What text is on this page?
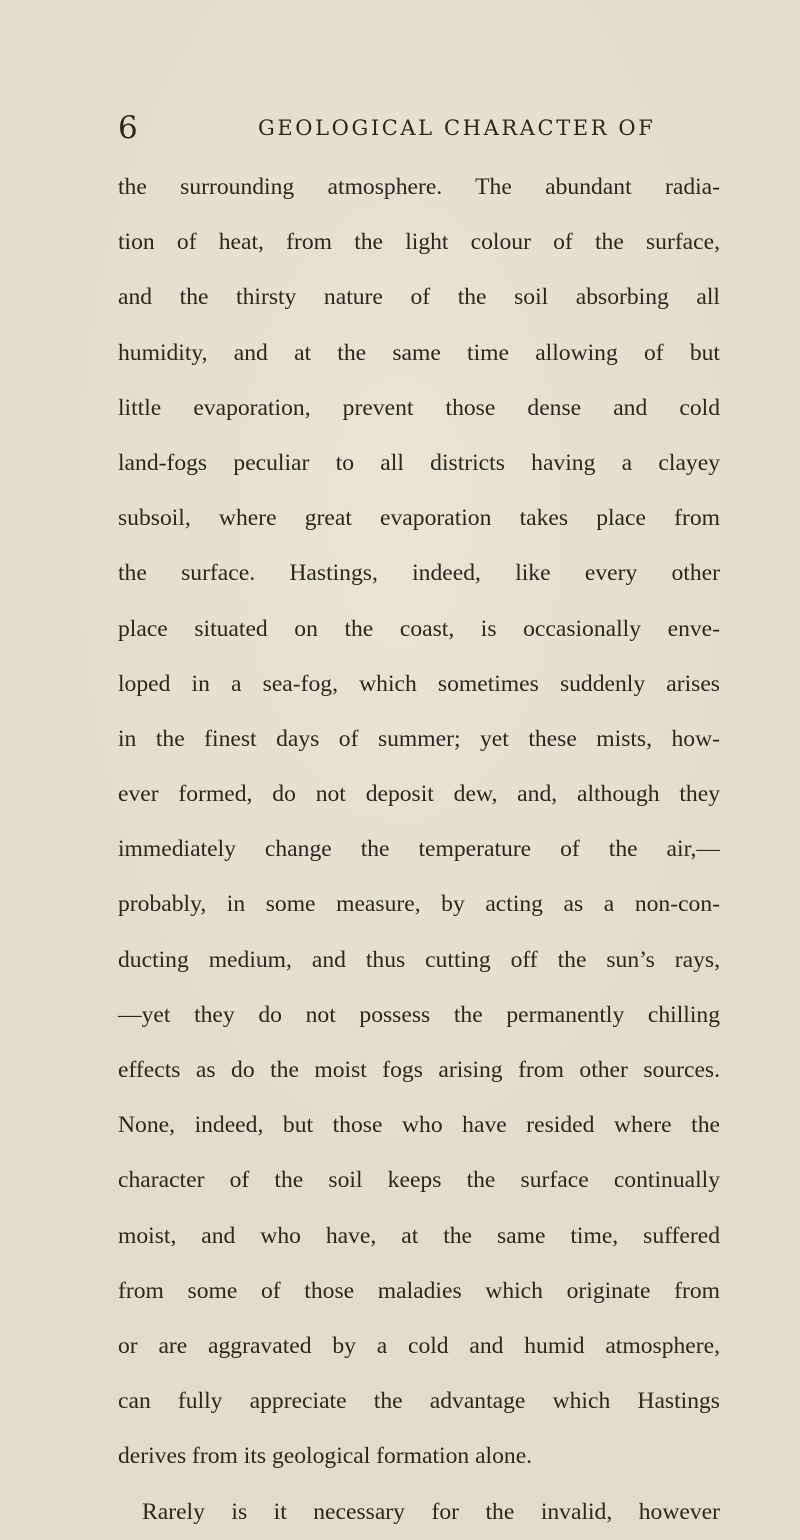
6	GEOLOGICAL CHARACTER OF
the surrounding atmosphere. The abundant radia-
tion of heat, from the light colour of the surface,
and the thirsty nature of the soil absorbing all
humidity, and at the same time allowing of but
little evaporation, prevent those dense and cold
land-fogs peculiar to all districts having a clayey
subsoil, where great evaporation takes place from
the surface. Hastings, indeed, like every other
place situated on the coast, is occasionally enve-
loped in a sea-fog, which sometimes suddenly arises
in the finest days of summer; yet these mists, how-
ever formed, do not deposit dew, and, although they
immediately change the temperature of the air,—
probably, in some measure, by acting as a non-con-
ducting medium, and thus cutting off the sun’s rays,
—yet they do not possess the permanently chilling
effects as do the moist fogs arising from other sources.
None, indeed, but those who have resided where the
character of the soil keeps the surface continually
moist, and who have, at the same time, suffered
from some of those maladies which originate from
or are aggravated by a cold and humid atmosphere,
can fully appreciate the advantage which Hastings
derives from its geological formation alone.
Rarely is it necessary for the invalid, however
